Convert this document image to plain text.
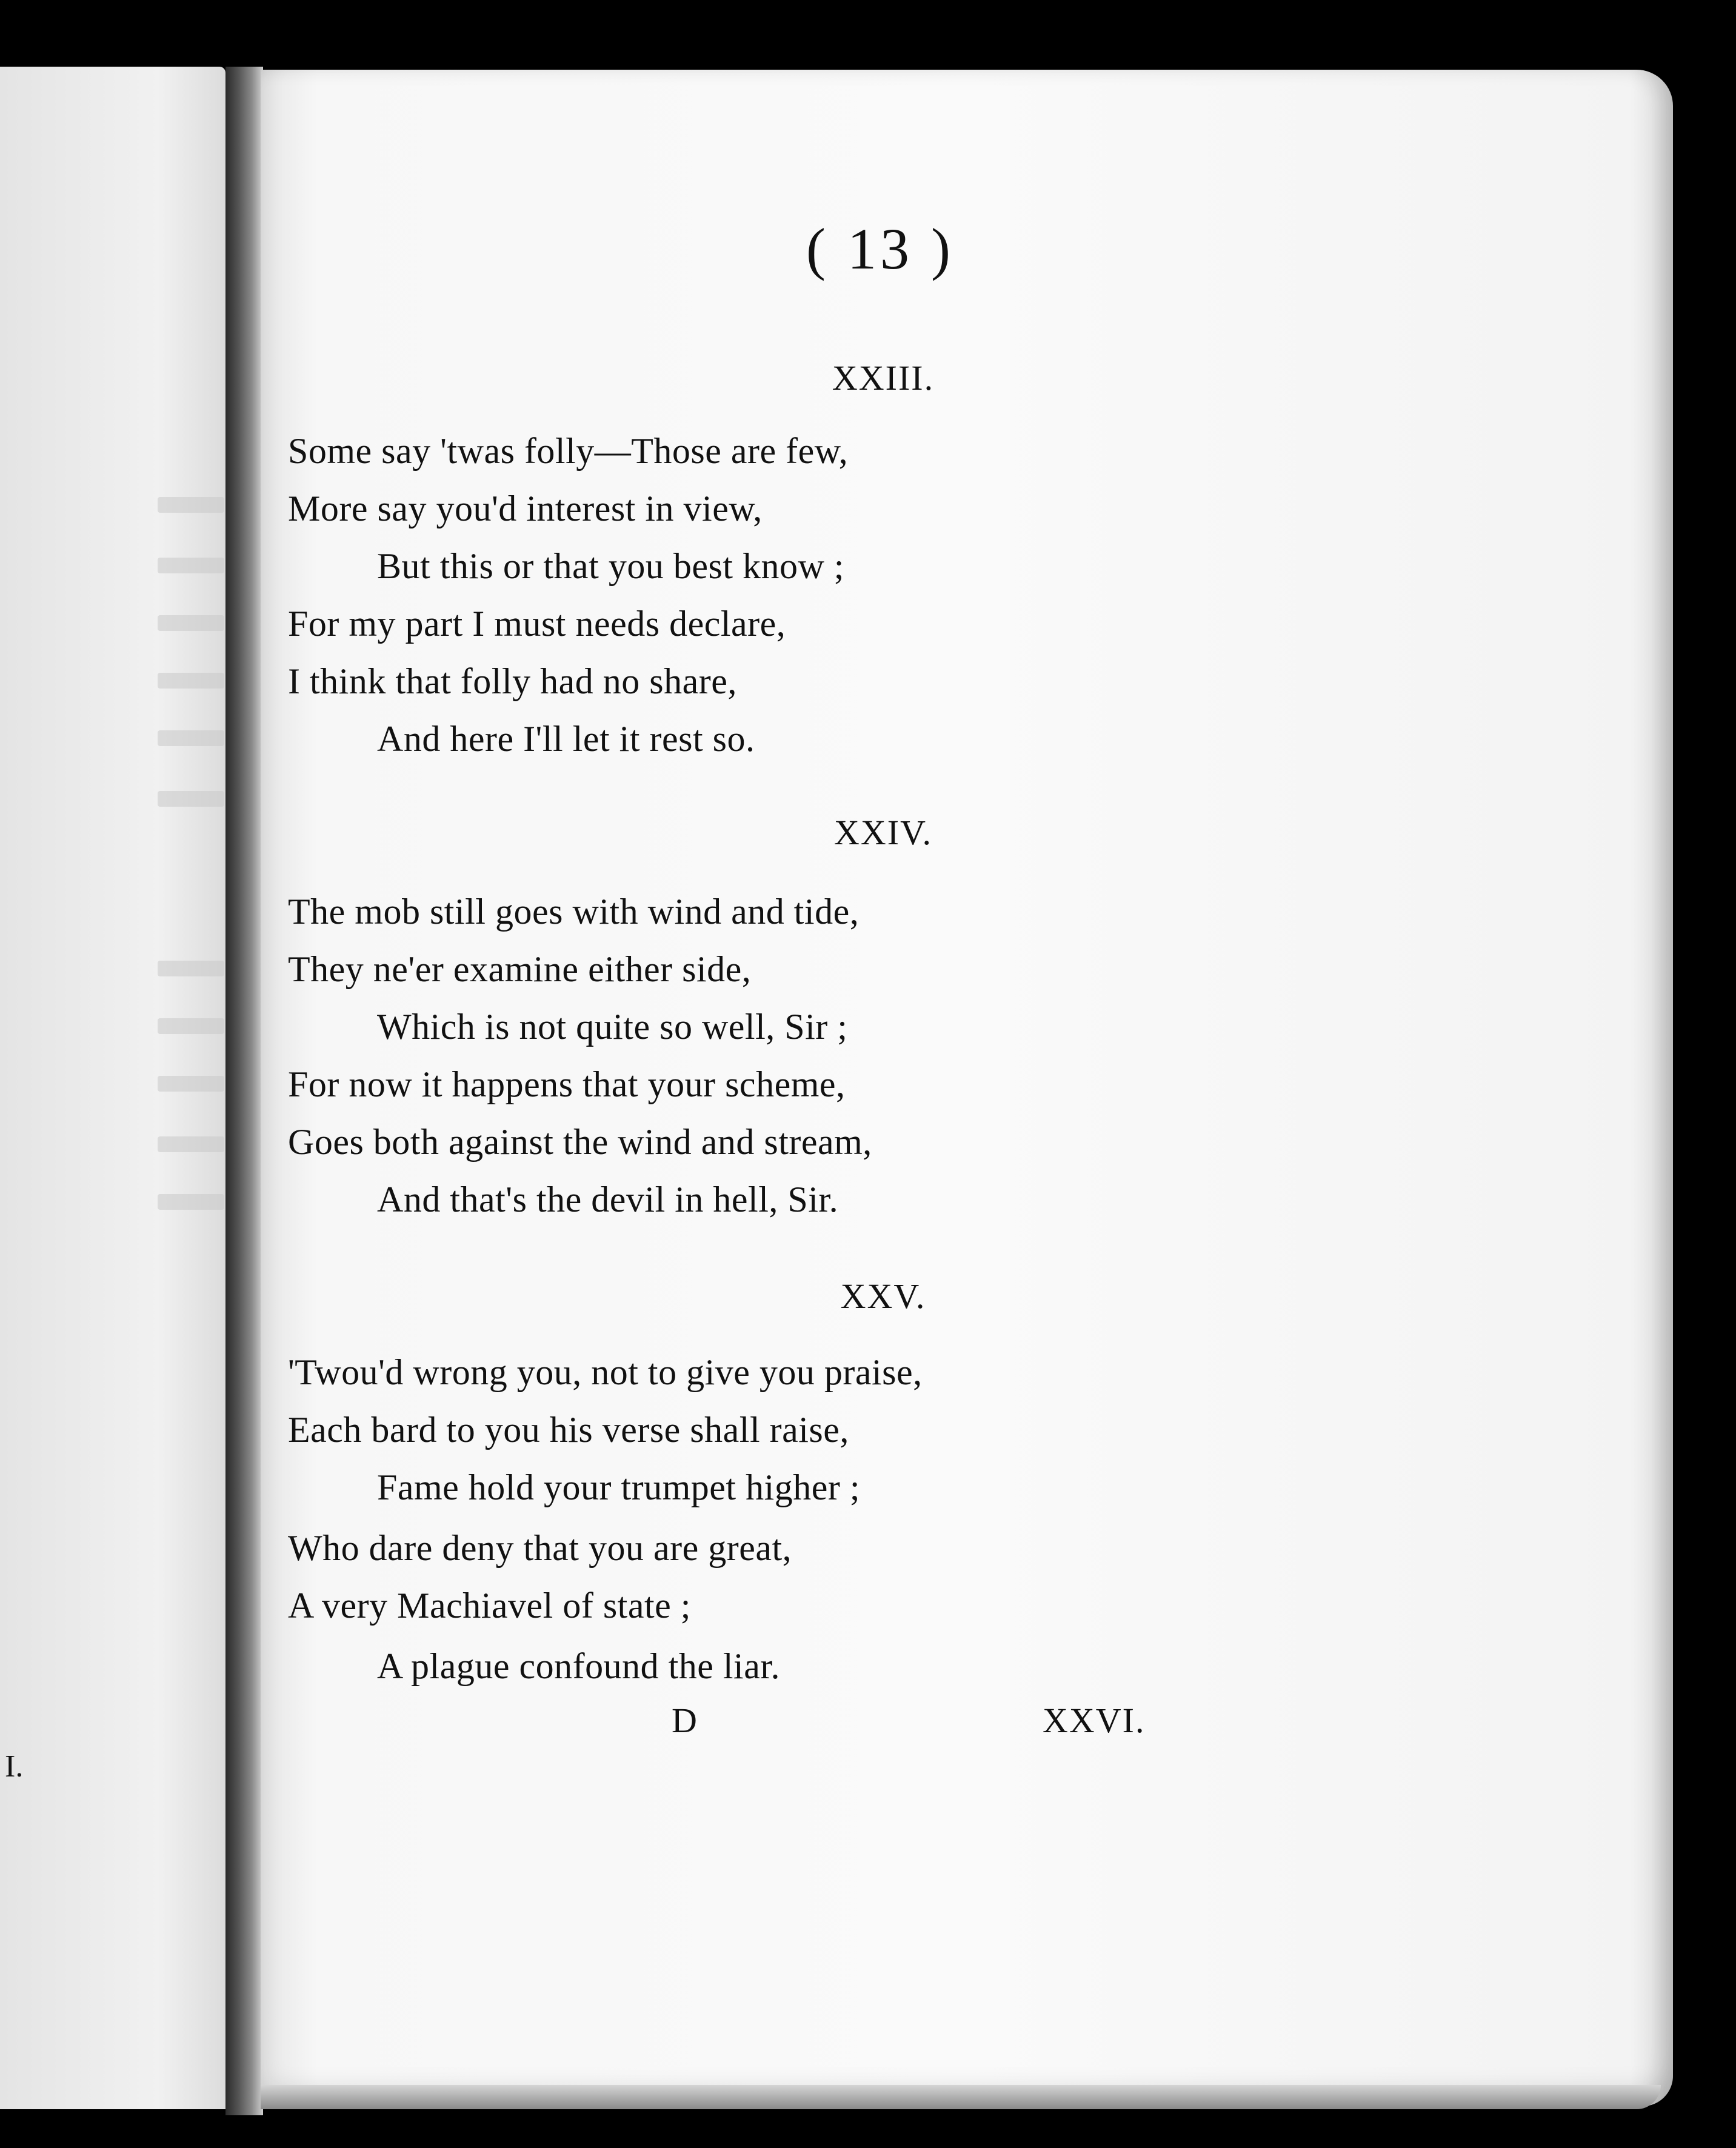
I.
( 13 )
XXIII.
Some say 'twas folly—Those are few,
More say you'd interest in view,
But this or that you best know ;
For my part I must needs declare,
I think that folly had no share,
And here I'll let it rest so.
XXIV.
The mob still goes with wind and tide,
They ne'er examine either side,
Which is not quite so well, Sir ;
For now it happens that your scheme,
Goes both against the wind and stream,
And that's the devil in hell, Sir.
XXV.
'Twou'd wrong you, not to give you praise,
Each bard to you his verse shall raise,
Fame hold your trumpet higher ;
Who dare deny that you are great,
A very Machiavel of state ;
A plague confound the liar.
D	XXVI.
